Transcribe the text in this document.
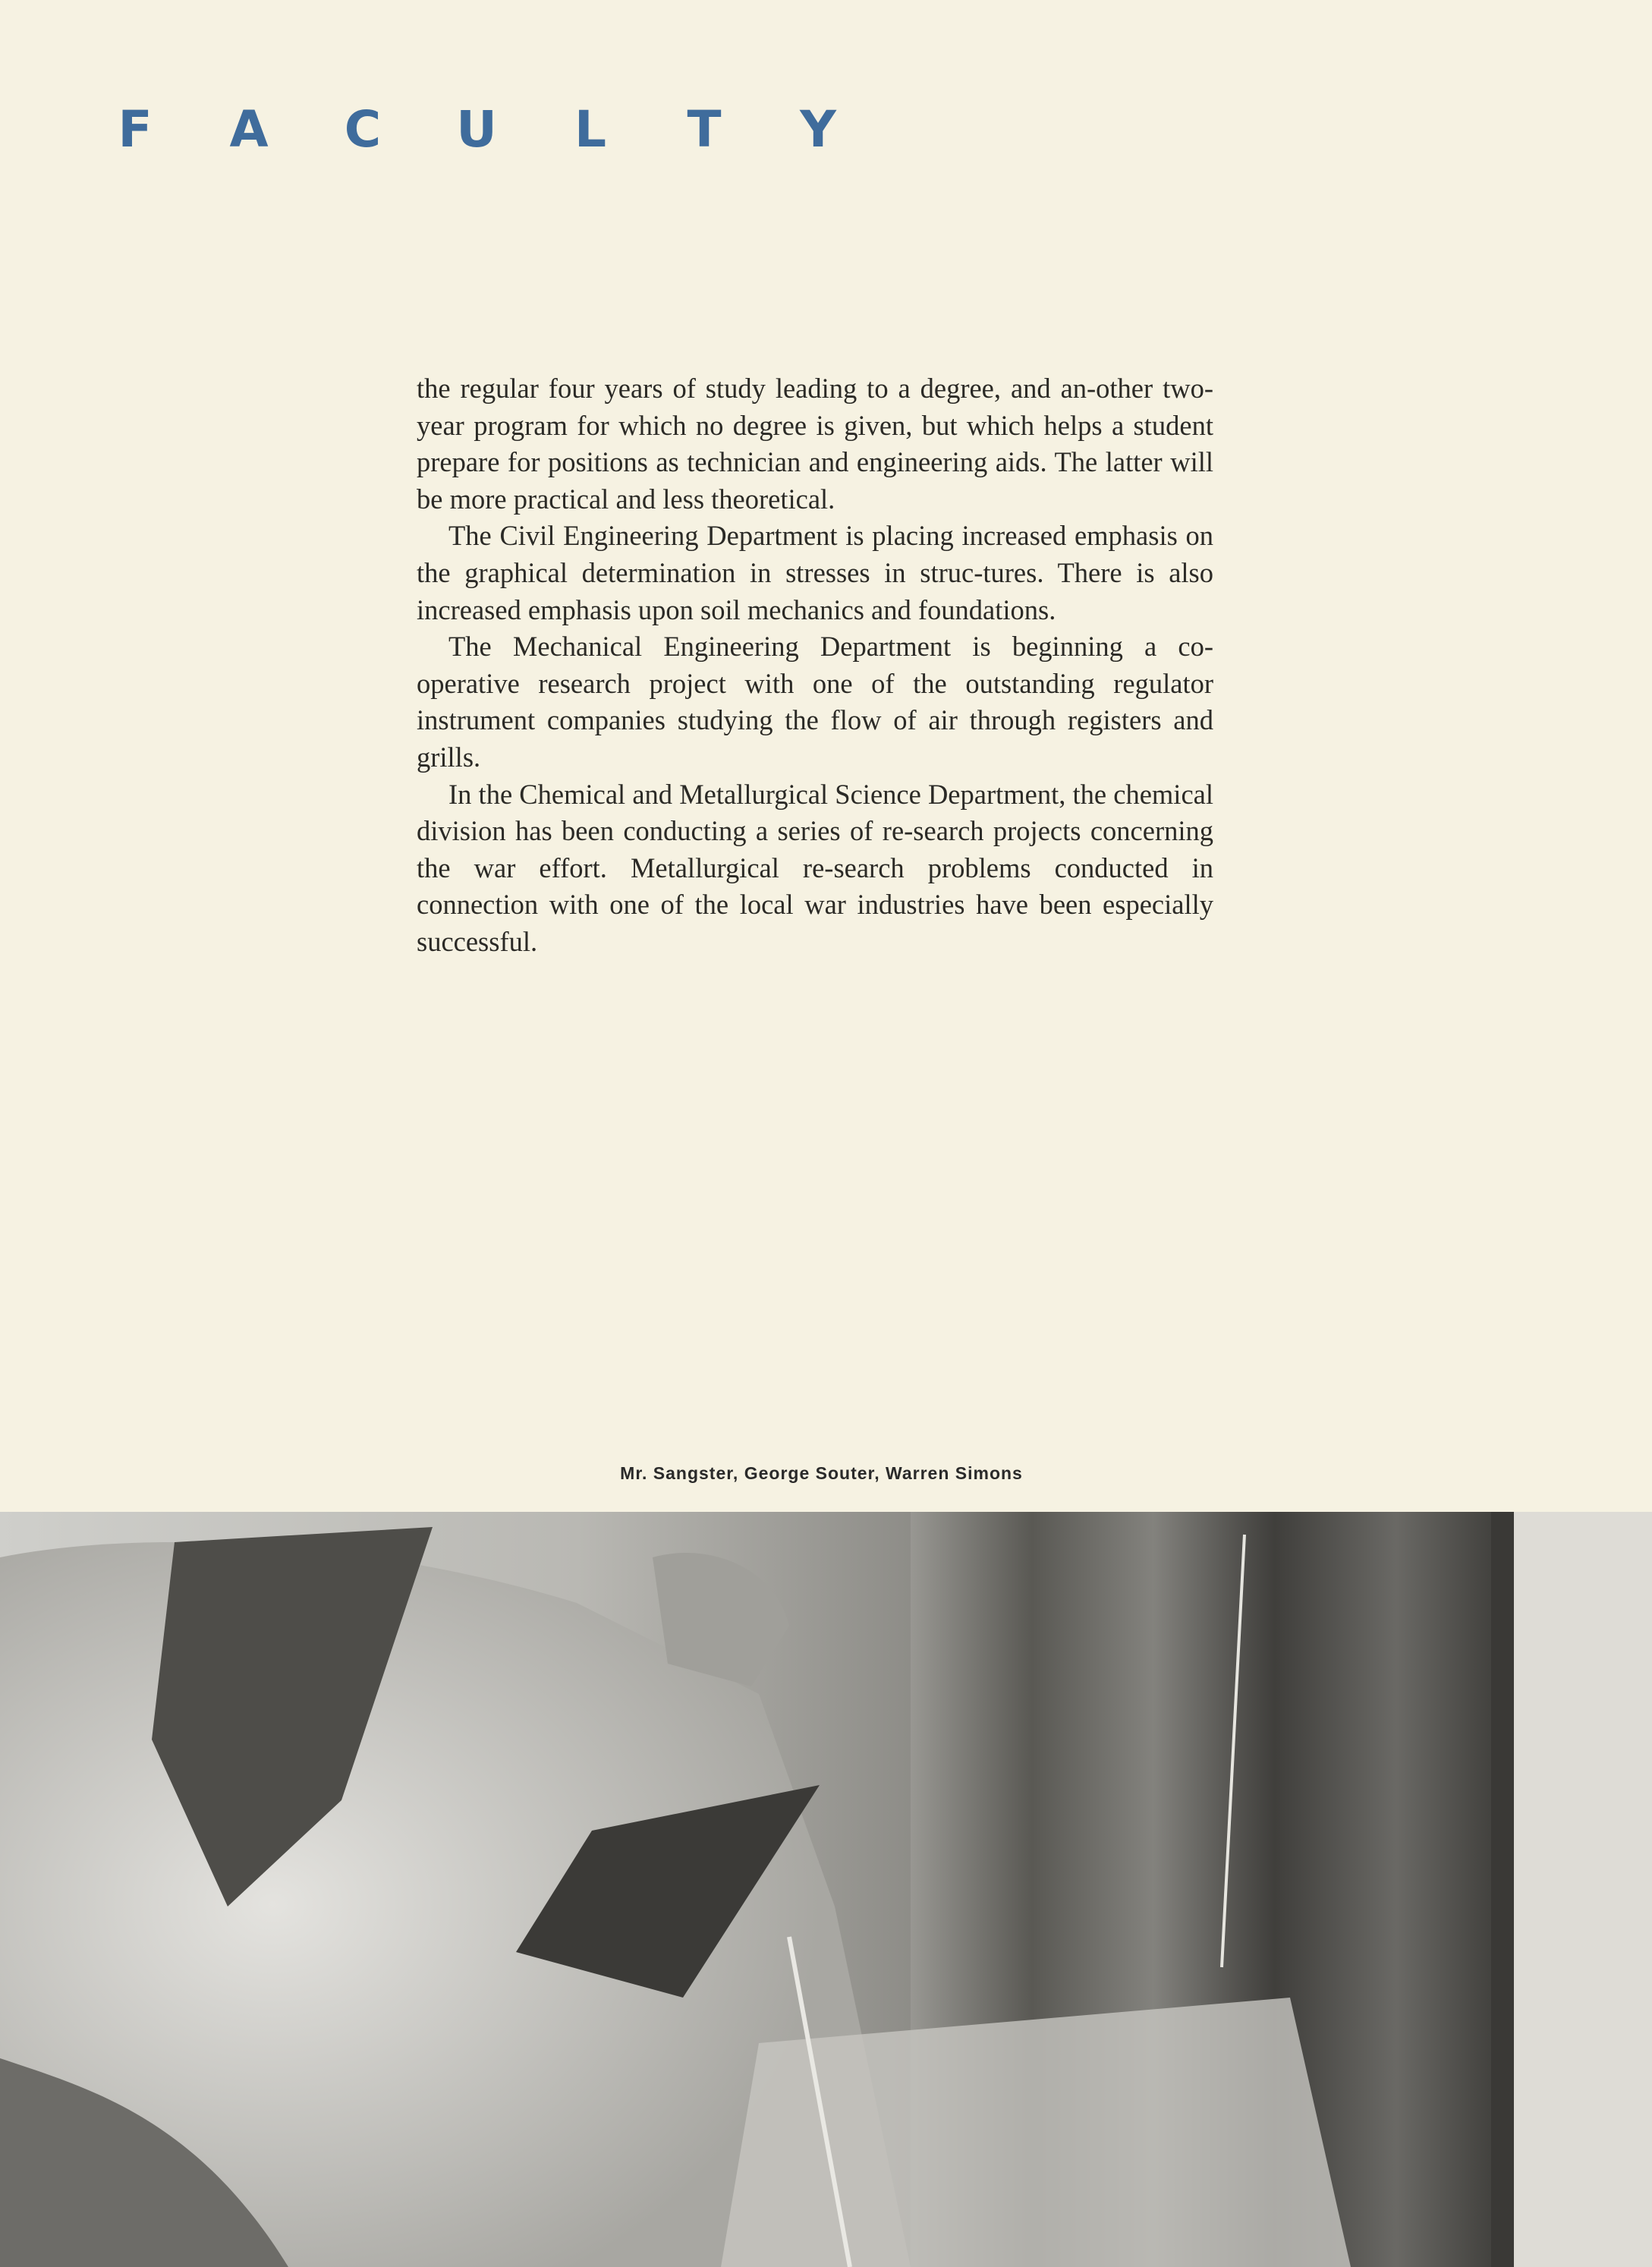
F A C U L T Y

the regular four years of study leading to a degree, and an‐other two‐year program for which no degree is given, but which helps a student prepare for positions as technician and engineering aids. The latter will be more practical and less theoretical.

The Civil Engineering Department is placing increased emphasis on the graphical determination in stresses in struc‐tures. There is also increased emphasis upon soil mechanics and foundations.

The Mechanical Engineering Department is beginning a co‐operative research project with one of the outstanding regulator instrument companies studying the flow of air through registers and grills.

In the Chemical and Metallurgical Science Department, the chemical division has been conducting a series of re‐search projects concerning the war effort. Metallurgical re‐search problems conducted in connection with one of the local war industries have been especially successful.

Mr. Sangster, George Souter, Warren Simons
